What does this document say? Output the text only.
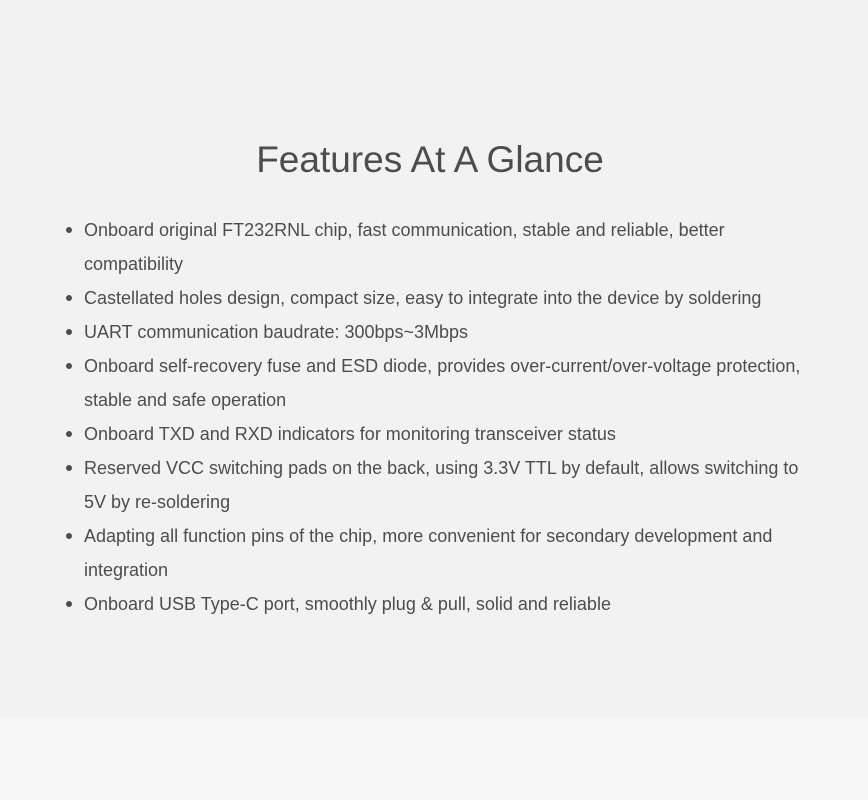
Features At A Glance
Onboard original FT232RNL chip, fast communication, stable and reliable, better compatibility
Castellated holes design, compact size, easy to integrate into the device by soldering
UART communication baudrate: 300bps~3Mbps
Onboard self-recovery fuse and ESD diode, provides over-current/over-voltage protection, stable and safe operation
Onboard TXD and RXD indicators for monitoring transceiver status
Reserved VCC switching pads on the back, using 3.3V TTL by default, allows switching to 5V by re-soldering
Adapting all function pins of the chip, more convenient for secondary development and integration
Onboard USB Type-C port, smoothly plug & pull, solid and reliable
